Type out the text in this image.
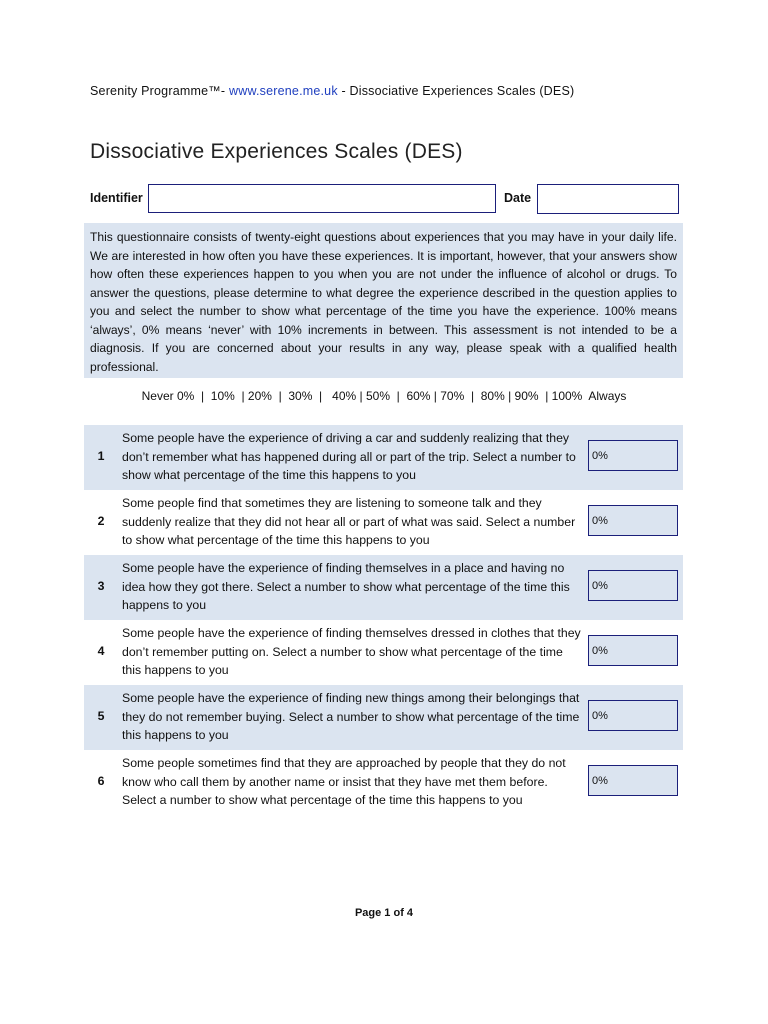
Serenity Programme™- www.serene.me.uk - Dissociative Experiences Scales (DES)
Dissociative Experiences Scales (DES)
Identifier	Date
This questionnaire consists of twenty-eight questions about experiences that you may have in your daily life. We are interested in how often you have these experiences. It is important, however, that your answers show how often these experiences happen to you when you are not under the influence of alcohol or drugs. To answer the questions, please determine to what degree the experience described in the question applies to you and select the number to show what percentage of the time you have the experience. 100% means ‘always’, 0% means ‘never’ with 10% increments in between. This assessment is not intended to be a diagnosis. If you are concerned about your results in any way, please speak with a qualified health professional.
Never 0%  |  10%  | 20%  |  30%  |   40% | 50%  |  60% | 70%  |  80% | 90%  | 100%  Always
1
Some people have the experience of driving a car and suddenly realizing that they don’t remember what has happened during all or part of the trip. Select a number to show what percentage of the time this happens to you
0%
2
Some people find that sometimes they are listening to someone talk and they suddenly realize that they did not hear all or part of what was said. Select a number to show what percentage of the time this happens to you
0%
3
Some people have the experience of finding themselves in a place and having no idea how they got there. Select a number to show what percentage of the time this happens to you
0%
4
Some people have the experience of finding themselves dressed in clothes that they don’t remember putting on. Select a number to show what percentage of the time this happens to you
0%
5
Some people have the experience of finding new things among their belongings that they do not remember buying. Select a number to show what percentage of the time this happens to you
0%
6
Some people sometimes find that they are approached by people that they do not know who call them by another name or insist that they have met them before. Select a number to show what percentage of the time this happens to you
0%
Page 1 of 4
